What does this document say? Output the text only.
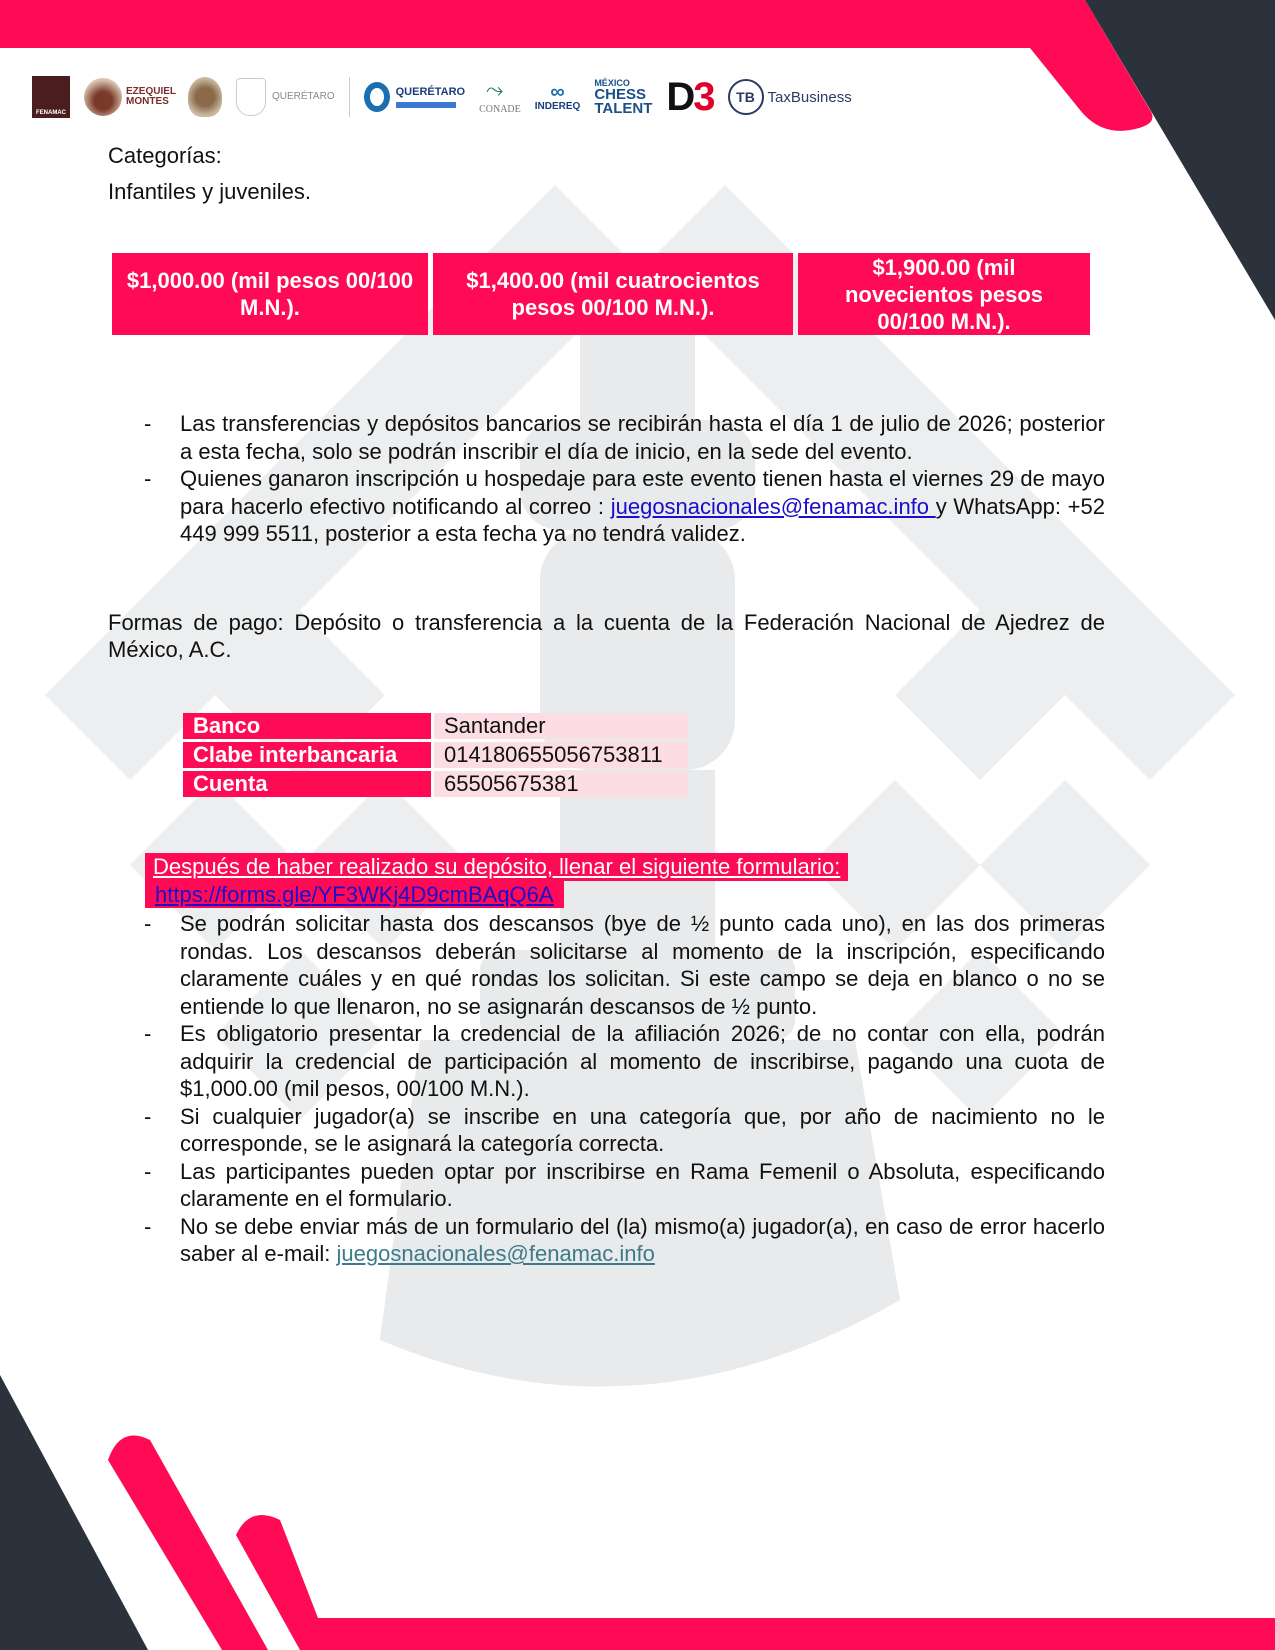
FENAMAC
EZEQUIEL MONTES	QUERÉTARO	QUERÉTARO ⤳
CONADE
∞
INDEREQ
MÉXICO
CHESS
TALENT D 3	TB TaxBusiness
Categorías:
Infantiles y juveniles.
$1,000.00 (mil pesos 00/100 M.N.).
$1,400.00 (mil cuatrocientos pesos 00/100 M.N.).
$1,900.00 (mil novecientos pesos 00/100 M.N.).
- Las transferencias y depósitos bancarios se recibirán hasta el día 1 de julio de 2026; posterior a esta fecha, solo se podrán inscribir el día de inicio, en la sede del evento.
- Quienes ganaron inscripción u hospedaje para este evento tienen hasta el viernes 29 de mayo para hacerlo efectivo notificando al correo : juegosnacionales@fenamac.info y WhatsApp: +52 449 999 5511, posterior a esta fecha ya no tendrá validez.
Formas de pago: Depósito o transferencia a la cuenta de la Federación Nacional de Ajedrez de México, A.C.
Banco	Santander
Clabe interbancaria	014180655056753811
Cuenta	65505675381
Después de haber realizado su depósito, llenar el siguiente formulario:
https://forms.gle/YF3WKj4D9cmBAqQ6A
- Se podrán solicitar hasta dos descansos (bye de ½ punto cada uno), en las dos primeras rondas. Los descansos deberán solicitarse al momento de la inscripción, especificando claramente cuáles y en qué rondas los solicitan. Si este campo se deja en blanco o no se entiende lo que llenaron, no se asignarán descansos de ½ punto.
- Es obligatorio presentar la credencial de la afiliación 2026; de no contar con ella, podrán adquirir la credencial de participación al momento de inscribirse, pagando una cuota de $1,000.00 (mil pesos, 00/100 M.N.).
- Si cualquier jugador(a) se inscribe en una categoría que, por año de nacimiento no le corresponde, se le asignará la categoría correcta.
- Las participantes pueden optar por inscribirse en Rama Femenil o Absoluta, especificando claramente en el formulario.
- No se debe enviar más de un formulario del (la) mismo(a) jugador(a), en caso de error hacerlo saber al e-mail: juegosnacionales@fenamac.info
